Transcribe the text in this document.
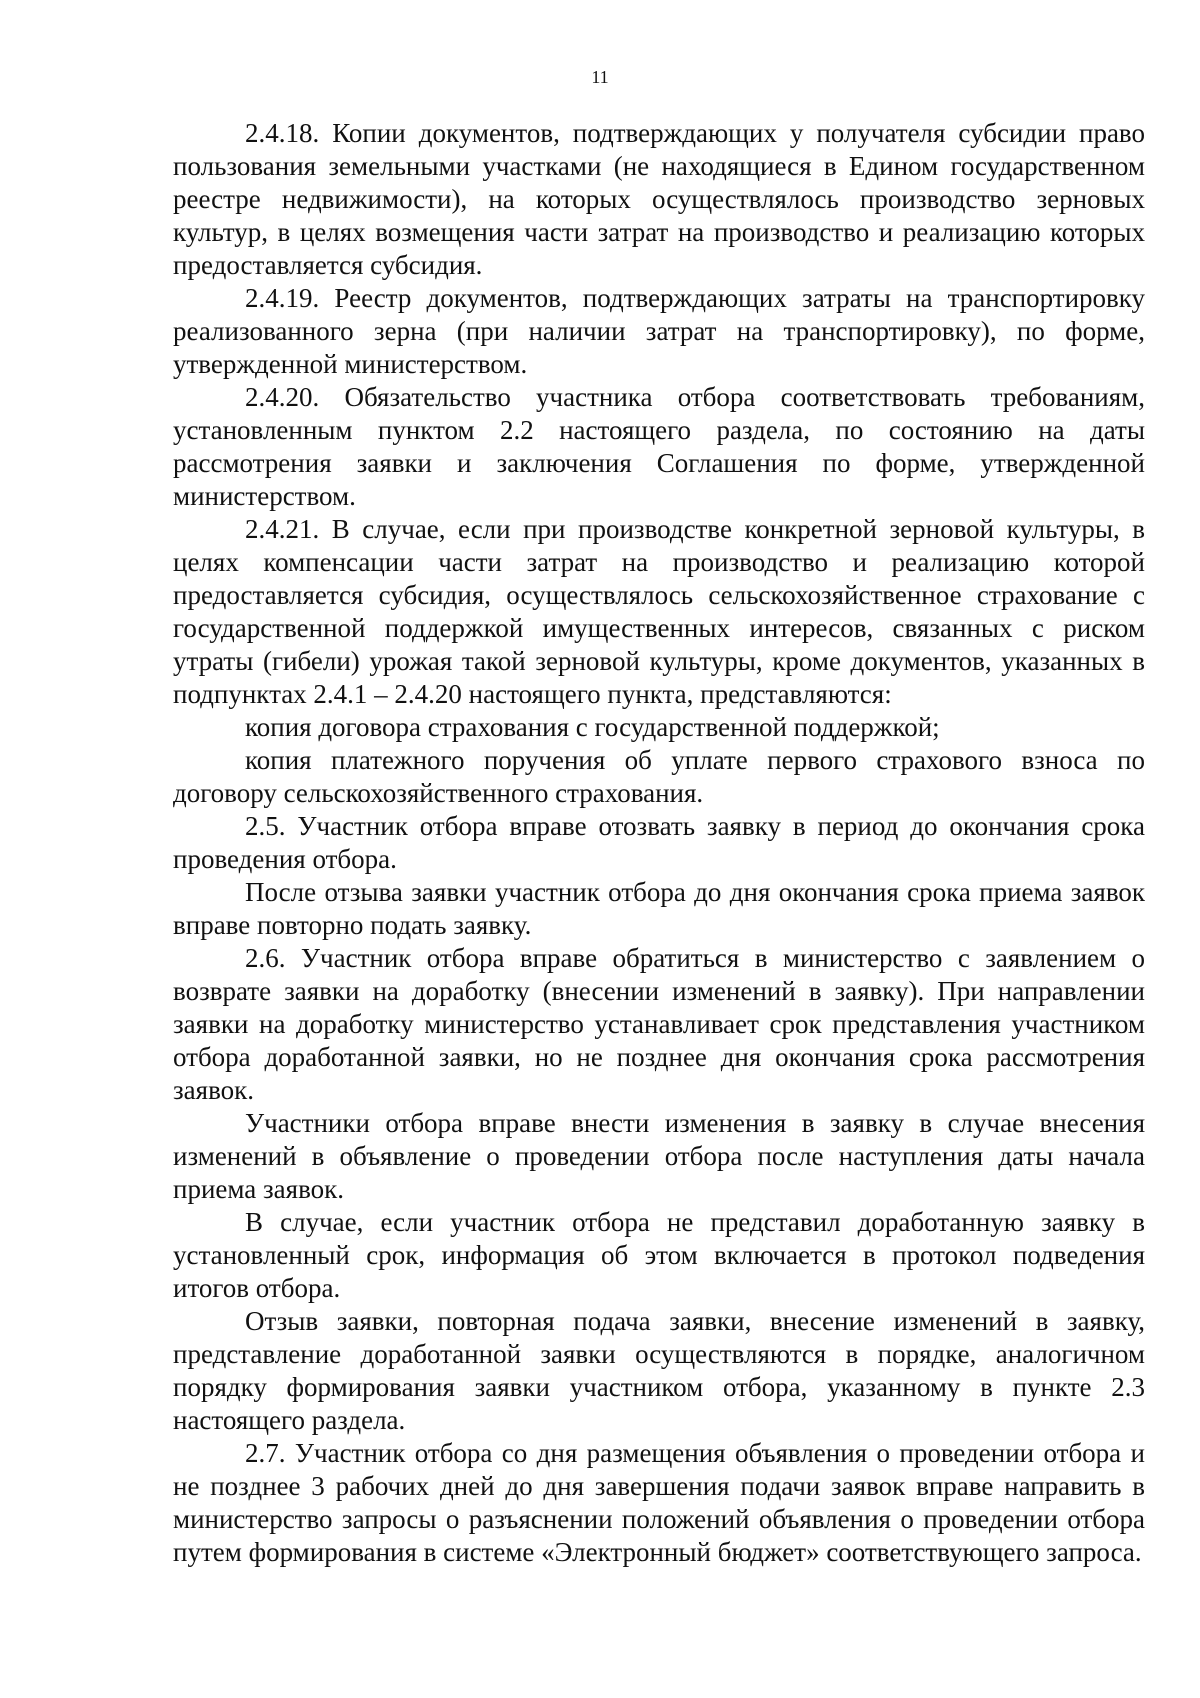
11

2.4.18. Копии документов, подтверждающих у получателя субсидии право пользования земельными участками (не находящиеся в Едином государственном реестре недвижимости), на которых осуществлялось производство зерновых культур, в целях возмещения части затрат на производство и реализацию которых предоставляется субсидия.

2.4.19. Реестр документов, подтверждающих затраты на транспортировку реализованного зерна (при наличии затрат на транспортировку), по форме, утвержденной министерством.

2.4.20. Обязательство участника отбора соответствовать требованиям, установленным пунктом 2.2 настоящего раздела, по состоянию на даты рассмотрения заявки и заключения Соглашения по форме, утвержденной министерством.

2.4.21. В случае, если при производстве конкретной зерновой культуры, в целях компенсации части затрат на производство и реализацию которой предоставляется субсидия, осуществлялось сельскохозяйственное страхование с государственной поддержкой имущественных интересов, связанных с риском утраты (гибели) урожая такой зерновой культуры, кроме документов, указанных в подпунктах 2.4.1 – 2.4.20 настоящего пункта, представляются:

копия договора страхования с государственной поддержкой;

копия платежного поручения об уплате первого страхового взноса по договору сельскохозяйственного страхования.

2.5. Участник отбора вправе отозвать заявку в период до окончания срока проведения отбора.

После отзыва заявки участник отбора до дня окончания срока приема заявок вправе повторно подать заявку.

2.6. Участник отбора вправе обратиться в министерство с заявлением о возврате заявки на доработку (внесении изменений в заявку). При направлении заявки на доработку министерство устанавливает срок представления участником отбора доработанной заявки, но не позднее дня окончания срока рассмотрения заявок.

Участники отбора вправе внести изменения в заявку в случае внесения изменений в объявление о проведении отбора после наступления даты начала приема заявок.

В случае, если участник отбора не представил доработанную заявку в установленный срок, информация об этом включается в протокол подведения итогов отбора.

Отзыв заявки, повторная подача заявки, внесение изменений в заявку, представление доработанной заявки осуществляются в порядке, аналогичном порядку формирования заявки участником отбора, указанному в пункте 2.3 настоящего раздела.

2.7. Участник отбора со дня размещения объявления о проведении отбора и не позднее 3 рабочих дней до дня завершения подачи заявок вправе направить в министерство запросы о разъяснении положений объявления о проведении отбора путем формирования в системе «Электронный бюджет» соответствующего запроса.
